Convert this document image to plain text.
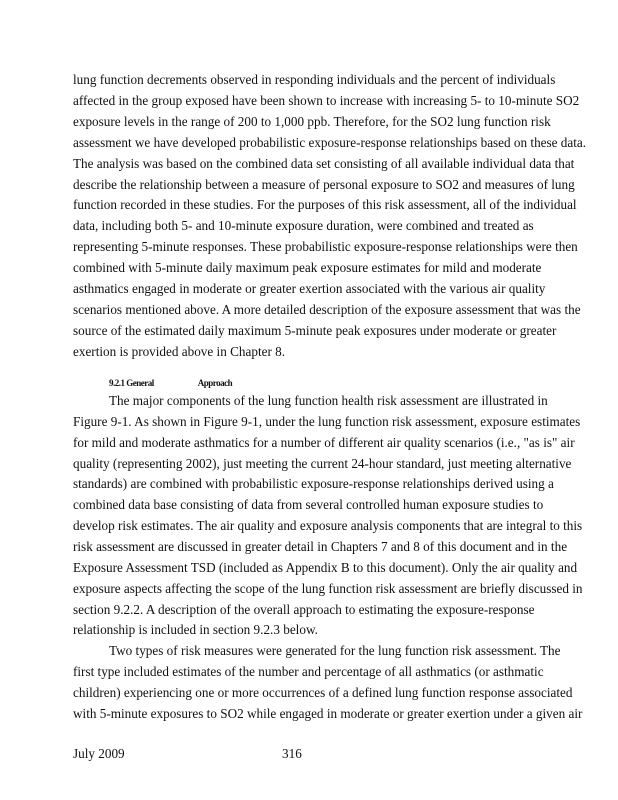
lung function decrements observed in responding individuals and the percent of individuals
affected in the group exposed have been shown to increase with increasing 5- to 10-minute SO2
exposure levels in the range of 200 to 1,000 ppb. Therefore, for the SO2 lung function risk
assessment we have developed probabilistic exposure-response relationships based on these data.
The analysis was based on the combined data set consisting of all available individual data that
describe the relationship between a measure of personal exposure to SO2 and measures of lung
function recorded in these studies. For the purposes of this risk assessment, all of the individual
data, including both 5- and 10-minute exposure duration, were combined and treated as
representing 5-minute responses. These probabilistic exposure-response relationships were then
combined with 5-minute daily maximum peak exposure estimates for mild and moderate
asthmatics engaged in moderate or greater exertion associated with the various air quality
scenarios mentioned above. A more detailed description of the exposure assessment that was the
source of the estimated daily maximum 5-minute peak exposures under moderate or greater
exertion is provided above in Chapter 8.
9.2.1 General	Approach
The major components of the lung function health risk assessment are illustrated in
Figure 9-1. As shown in Figure 9-1, under the lung function risk assessment, exposure estimates
for mild and moderate asthmatics for a number of different air quality scenarios (i.e., "as is" air
quality (representing 2002), just meeting the current 24-hour standard, just meeting alternative
standards) are combined with probabilistic exposure-response relationships derived using a
combined data base consisting of data from several controlled human exposure studies to
develop risk estimates. The air quality and exposure analysis components that are integral to this
risk assessment are discussed in greater detail in Chapters 7 and 8 of this document and in the
Exposure Assessment TSD (included as Appendix B to this document). Only the air quality and
exposure aspects affecting the scope of the lung function risk assessment are briefly discussed in
section 9.2.2. A description of the overall approach to estimating the exposure-response
relationship is included in section 9.2.3 below.
Two types of risk measures were generated for the lung function risk assessment. The
first type included estimates of the number and percentage of all asthmatics (or asthmatic
children) experiencing one or more occurrences of a defined lung function response associated
with 5-minute exposures to SO2 while engaged in moderate or greater exertion under a given air
July 2009	316
